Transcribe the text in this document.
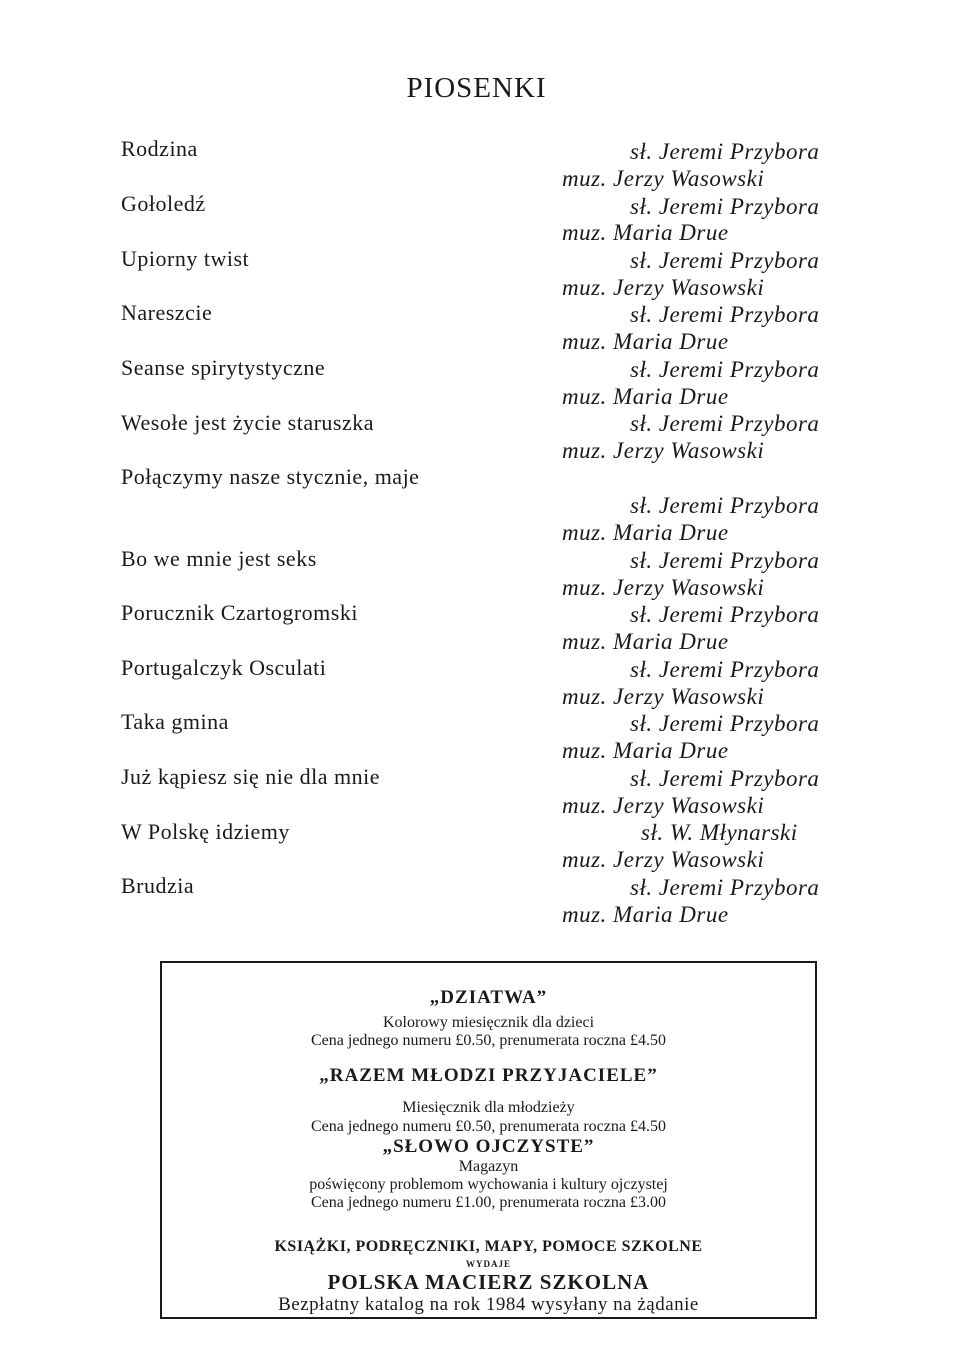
PIOSENKI
Rodzina
Gołoledź
Upiorny twist
Nareszcie
Seanse spirytystyczne
Wesołe jest życie staruszka
Połączymy nasze stycznie, maje
Bo we mnie jest seks
Porucznik Czartogromski
Portugalczyk Osculati
Taka gmina
Już kąpiesz się nie dla mnie
W Polskę idziemy
Brudzia
sł. Jeremi Przybora
muz. Jerzy Wasowski
sł. Jeremi Przybora
muz. Maria Drue
sł. Jeremi Przybora
muz. Jerzy Wasowski
sł. Jeremi Przybora
muz. Maria Drue
sł. Jeremi Przybora
muz. Maria Drue
sł. Jeremi Przybora
muz. Jerzy Wasowski
sł. Jeremi Przybora
muz. Maria Drue
sł. Jeremi Przybora
muz. Jerzy Wasowski
sł. Jeremi Przybora
muz. Maria Drue
sł. Jeremi Przybora
muz. Jerzy Wasowski
sł. Jeremi Przybora
muz. Maria Drue
sł. Jeremi Przybora
muz. Jerzy Wasowski
sł. W. Młynarski
muz. Jerzy Wasowski
sł. Jeremi Przybora
muz. Maria Drue
„DZIATWA”
Kolorowy miesięcznik dla dzieci
Cena jednego numeru £0.50, prenumerata roczna £4.50
„RAZEM MŁODZI PRZYJACIELE”
Miesięcznik dla młodzieży
Cena jednego numeru £0.50, prenumerata roczna £4.50
„SŁOWO OJCZYSTE”
Magazyn
poświęcony problemom wychowania i kultury ojczystej
Cena jednego numeru £1.00, prenumerata roczna £3.00
KSIĄŻKI, PODRĘCZNIKI, MAPY, POMOCE SZKOLNE
WYDAJE
POLSKA MACIERZ SZKOLNA
Bezpłatny katalog na rok 1984 wysyłany na żądanie
